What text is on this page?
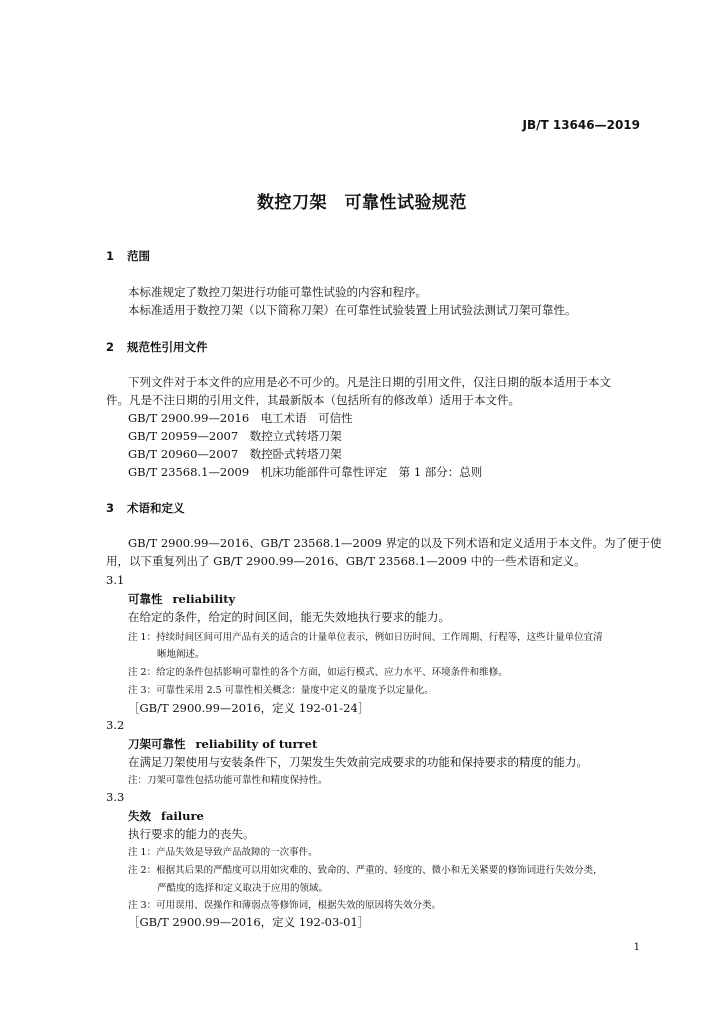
JB/T 13646—2019
数控刀架　可靠性试验规范
1 范围
本标准规定了数控刀架进行功能可靠性试验的内容和程序。
本标准适用于数控刀架（以下简称刀架）在可靠性试验装置上用试验法测试刀架可靠性。
2 规范性引用文件
下列文件对于本文件的应用是必不可少的。凡是注日期的引用文件，仅注日期的版本适用于本文
件。凡是不注日期的引用文件，其最新版本（包括所有的修改单）适用于本文件。
GB/T 2900.99—2016　电工术语　可信性
GB/T 20959—2007　数控立式转塔刀架
GB/T 20960—2007　数控卧式转塔刀架
GB/T 23568.1—2009　机床功能部件可靠性评定　第 1 部分：总则
3 术语和定义
GB/T 2900.99—2016、GB/T 23568.1—2009 界定的以及下列术语和定义适用于本文件。为了便于使
用，以下重复列出了 GB/T 2900.99—2016、GB/T 23568.1—2009 中的一些术语和定义。
3.1
可靠性 reliability
在给定的条件，给定的时间区间，能无失效地执行要求的能力。
注 1：持续时间区间可用产品有关的适合的计量单位表示，例如日历时间、工作周期、行程等，这些计量单位宜清
晰地阐述。
注 2：给定的条件包括影响可靠性的各个方面，如运行模式、应力水平、环境条件和维修。
注 3：可靠性采用 2.5 可靠性相关概念：量度中定义的量度予以定量化。
［GB/T 2900.99—2016，定义 192-01-24］
3.2
刀架可靠性 reliability of turret
在满足刀架使用与安装条件下，刀架发生失效前完成要求的功能和保持要求的精度的能力。
注：刀架可靠性包括功能可靠性和精度保持性。
3.3
失效 failure
执行要求的能力的丧失。
注 1：产品失效是导致产品故障的一次事件。
注 2：根据其后果的严酷度可以用如灾难的、致命的、严重的、轻度的、微小和无关紧要的修饰词进行失效分类，
严酷度的选择和定义取决于应用的领域。
注 3：可用误用、误操作和薄弱点等修饰词，根据失效的原因将失效分类。
［GB/T 2900.99—2016，定义 192-03-01］
1
